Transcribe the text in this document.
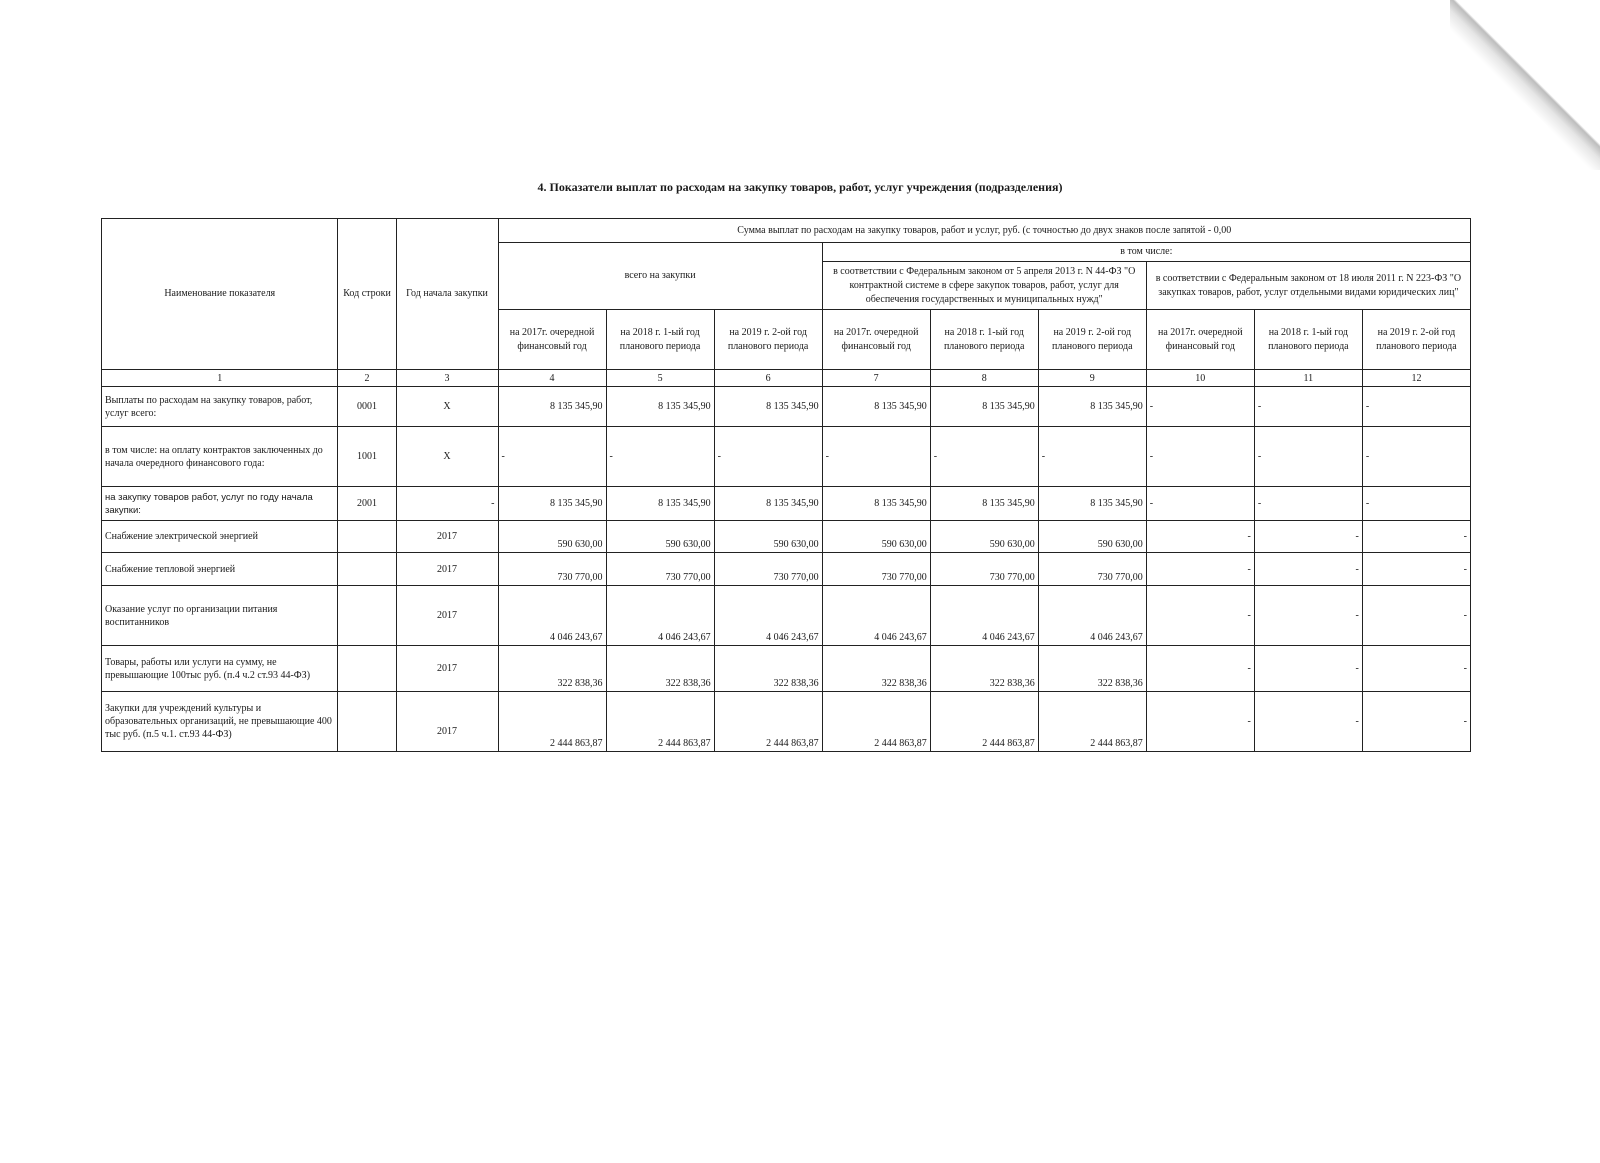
4. Показатели выплат по расходам на закупку товаров, работ, услуг учреждения (подразделения)
Наименование показателя	Код строки	Год начала закупки	Сумма выплат по расходам на закупку товаров, работ и услуг, руб. (с точностью до двух знаков после запятой - 0,00								
			всего на закупки			в том числе:					
						в соответствии с Федеральным законом от 5 апреля 2013 г. N 44-ФЗ "О контрактной системе в сфере закупок товаров, работ, услуг для обеспечения государственных и муниципальных нужд"			в соответствии с Федеральным законом от 18 июля 2011 г. N 223-ФЗ "О закупках товаров, работ, услуг отдельными видами юридических лиц"		
			на 2017г. очередной финансовый год	на 2018 г. 1-ый год планового периода	на 2019 г. 2-ой год планового периода	на 2017г. очередной финансовый год	на 2018 г. 1-ый год планового периода	на 2019 г. 2-ой год планового периода	на 2017г. очередной финансовый год	на 2018 г. 1-ый год планового периода	на 2019 г. 2-ой год планового периода
1	2	3	4	5	6	7	8	9	10	11	12
Выплаты по расходам на закупку товаров, работ, услуг всего:	0001	X	8 135 345,90	8 135 345,90	8 135 345,90	8 135 345,90	8 135 345,90	8 135 345,90	-	-	-
в том числе: на оплату контрактов заключенных до начала очередного финансового года:	1001	X	-	-	-	-	-	-	-	-	-
на закупку товаров работ, услуг по году начала закупки:	2001	-	8 135 345,90	8 135 345,90	8 135 345,90	8 135 345,90	8 135 345,90	8 135 345,90	-	-	-
Снабжение электрической энергией		2017	590 630,00	590 630,00	590 630,00	590 630,00	590 630,00	590 630,00	-	-	-
Снабжение тепловой энергией		2017	730 770,00	730 770,00	730 770,00	730 770,00	730 770,00	730 770,00	-	-	-
Оказание услуг по организации питания воспитанников		2017	4 046 243,67	4 046 243,67	4 046 243,67	4 046 243,67	4 046 243,67	4 046 243,67	-	-	-
Товары, работы или услуги на сумму, не превышающие 100тыс руб. (п.4 ч.2 ст.93 44-ФЗ)		2017	322 838,36	322 838,36	322 838,36	322 838,36	322 838,36	322 838,36	-	-	-
Закупки для учреждений культуры и образовательных организаций, не превышающие 400 тыс руб. (п.5 ч.1. ст.93 44-ФЗ)		2017	2 444 863,87	2 444 863,87	2 444 863,87	2 444 863,87	2 444 863,87	2 444 863,87	-	-	-
